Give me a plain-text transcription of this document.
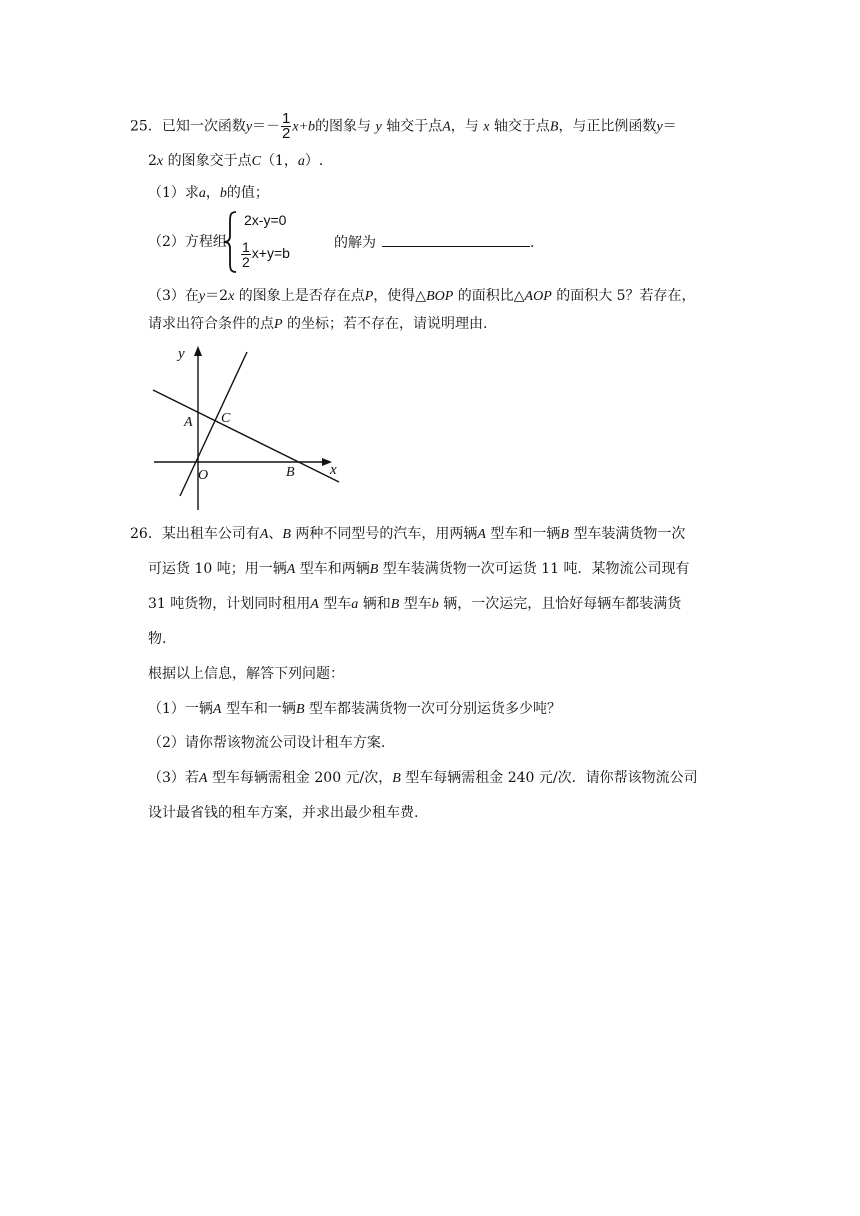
25．已知一次函数$y=- \frac{1}{2} x+b$的图象与 y 轴交于点A，与 x 轴交于点B，与正比例函数y＝
2x 的图象交于点C（1，a）.
（1）求a，b的值；
（2）方程组
2x-y=0
$\frac{1}{2} x+y=b$
的解为	.
（3）在y＝2x 的图象上是否存在点P，使得△BOP 的面积比△AOP 的面积大 5？若存在，
请求出符合条件的点P 的坐标；若不存在，请说明理由.
y
x
A C
O	B
26．某出租车公司有A、B 两种不同型号的汽车，用两辆A 型车和一辆B 型车装满货物一次
可运货 10 吨；用一辆A 型车和两辆B 型车装满货物一次可运货 11 吨．某物流公司现有
31 吨货物，计划同时租用A 型车a 辆和B 型车b 辆，一次运完，且恰好每辆车都装满货
物.
根据以上信息，解答下列问题：
（1）一辆A 型车和一辆B 型车都装满货物一次可分别运货多少吨？
（2）请你帮该物流公司设计租车方案.
（3）若A 型车每辆需租金 200 元/次，B 型车每辆需租金 240 元/次．请你帮该物流公司
设计最省钱的租车方案，并求出最少租车费.
